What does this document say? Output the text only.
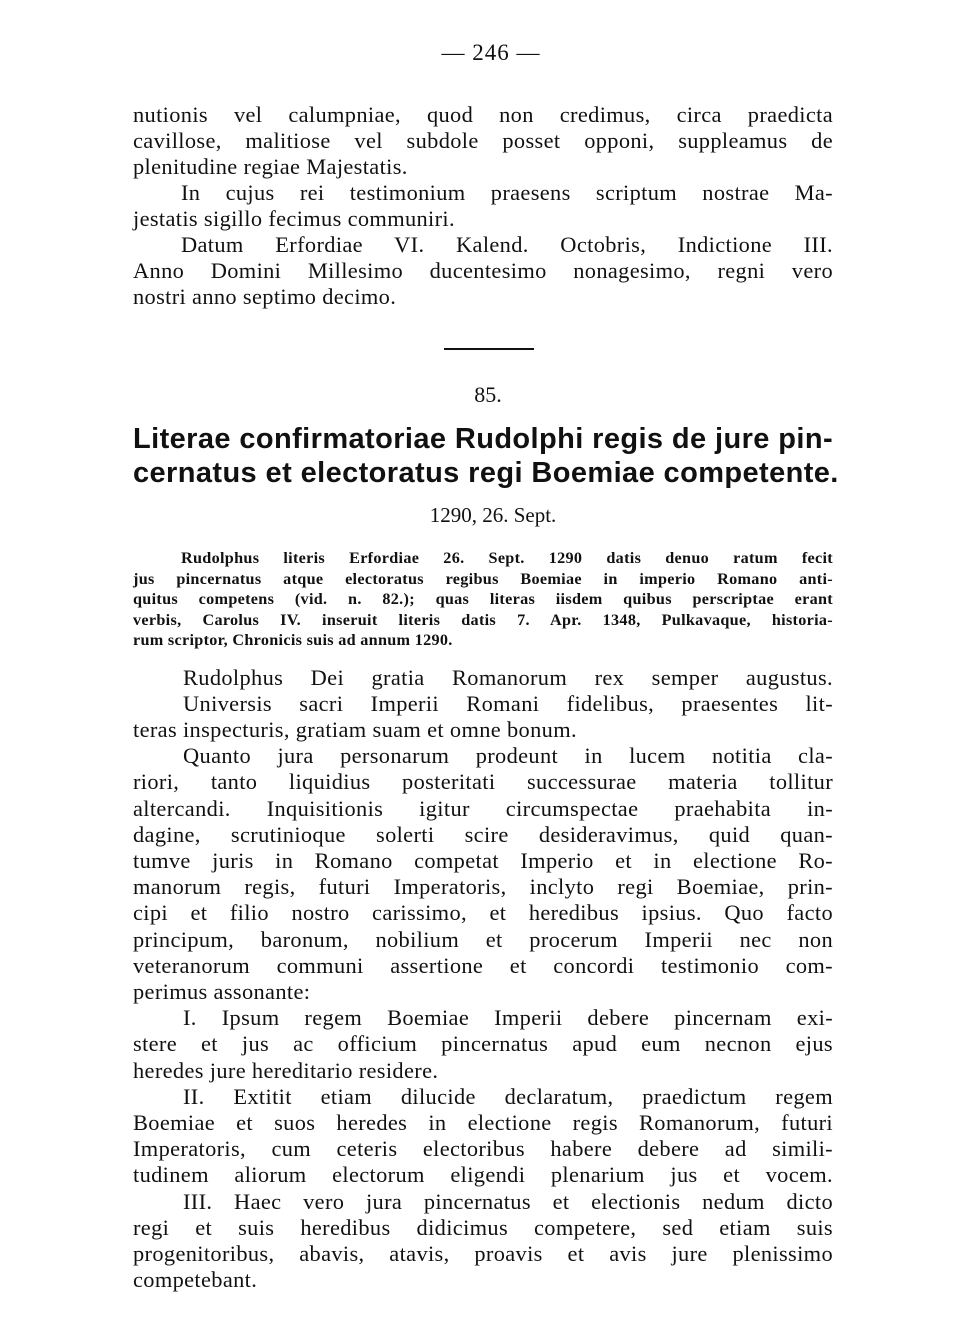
— 246 —
nutionis vel calumpniae, quod non credimus, circa praedicta
cavillose, malitiose vel subdole posset opponi, suppleamus de
plenitudine regiae Majestatis.
In cujus rei testimonium praesens scriptum nostrae Ma-
jestatis sigillo fecimus communiri.
Datum Erfordiae VI. Kalend. Octobris, Indictione III.
Anno Domini Millesimo ducentesimo nonagesimo, regni vero
nostri anno septimo decimo.
85.
Literae confirmatoriae Rudolphi regis de jure pin-
cernatus et electoratus regi Boemiae competente.
1290, 26. Sept.
Rudolphus literis Erfordiae 26. Sept. 1290 datis denuo ratum fecit
jus pincernatus atque electoratus regibus Boemiae in imperio Romano anti-
quitus competens (vid. n. 82.); quas literas iisdem quibus perscriptae erant
verbis, Carolus IV. inseruit literis datis 7. Apr. 1348, Pulkavaque, historia-
rum scriptor, Chronicis suis ad annum 1290.
Rudolphus Dei gratia Romanorum rex semper augustus.
Universis sacri Imperii Romani fidelibus, praesentes lit-
teras inspecturis, gratiam suam et omne bonum.
Quanto jura personarum prodeunt in lucem notitia cla-
riori, tanto liquidius posteritati successurae materia tollitur
altercandi. Inquisitionis igitur circumspectae praehabita in-
dagine, scrutinioque solerti scire desideravimus, quid quan-
tumve juris in Romano competat Imperio et in electione Ro-
manorum regis, futuri Imperatoris, inclyto regi Boemiae, prin-
cipi et filio nostro carissimo, et heredibus ipsius. Quo facto
principum, baronum, nobilium et procerum Imperii nec non
veteranorum communi assertione et concordi testimonio com-
perimus assonante:
I. Ipsum regem Boemiae Imperii debere pincernam exi-
stere et jus ac officium pincernatus apud eum necnon ejus
heredes jure hereditario residere.
II. Extitit etiam dilucide declaratum, praedictum regem
Boemiae et suos heredes in electione regis Romanorum, futuri
Imperatoris, cum ceteris electoribus habere debere ad simili-
tudinem aliorum electorum eligendi plenarium jus et vocem.
III. Haec vero jura pincernatus et electionis nedum dicto
regi et suis heredibus didicimus competere, sed etiam suis
progenitoribus, abavis, atavis, proavis et avis jure plenissimo
competebant.
